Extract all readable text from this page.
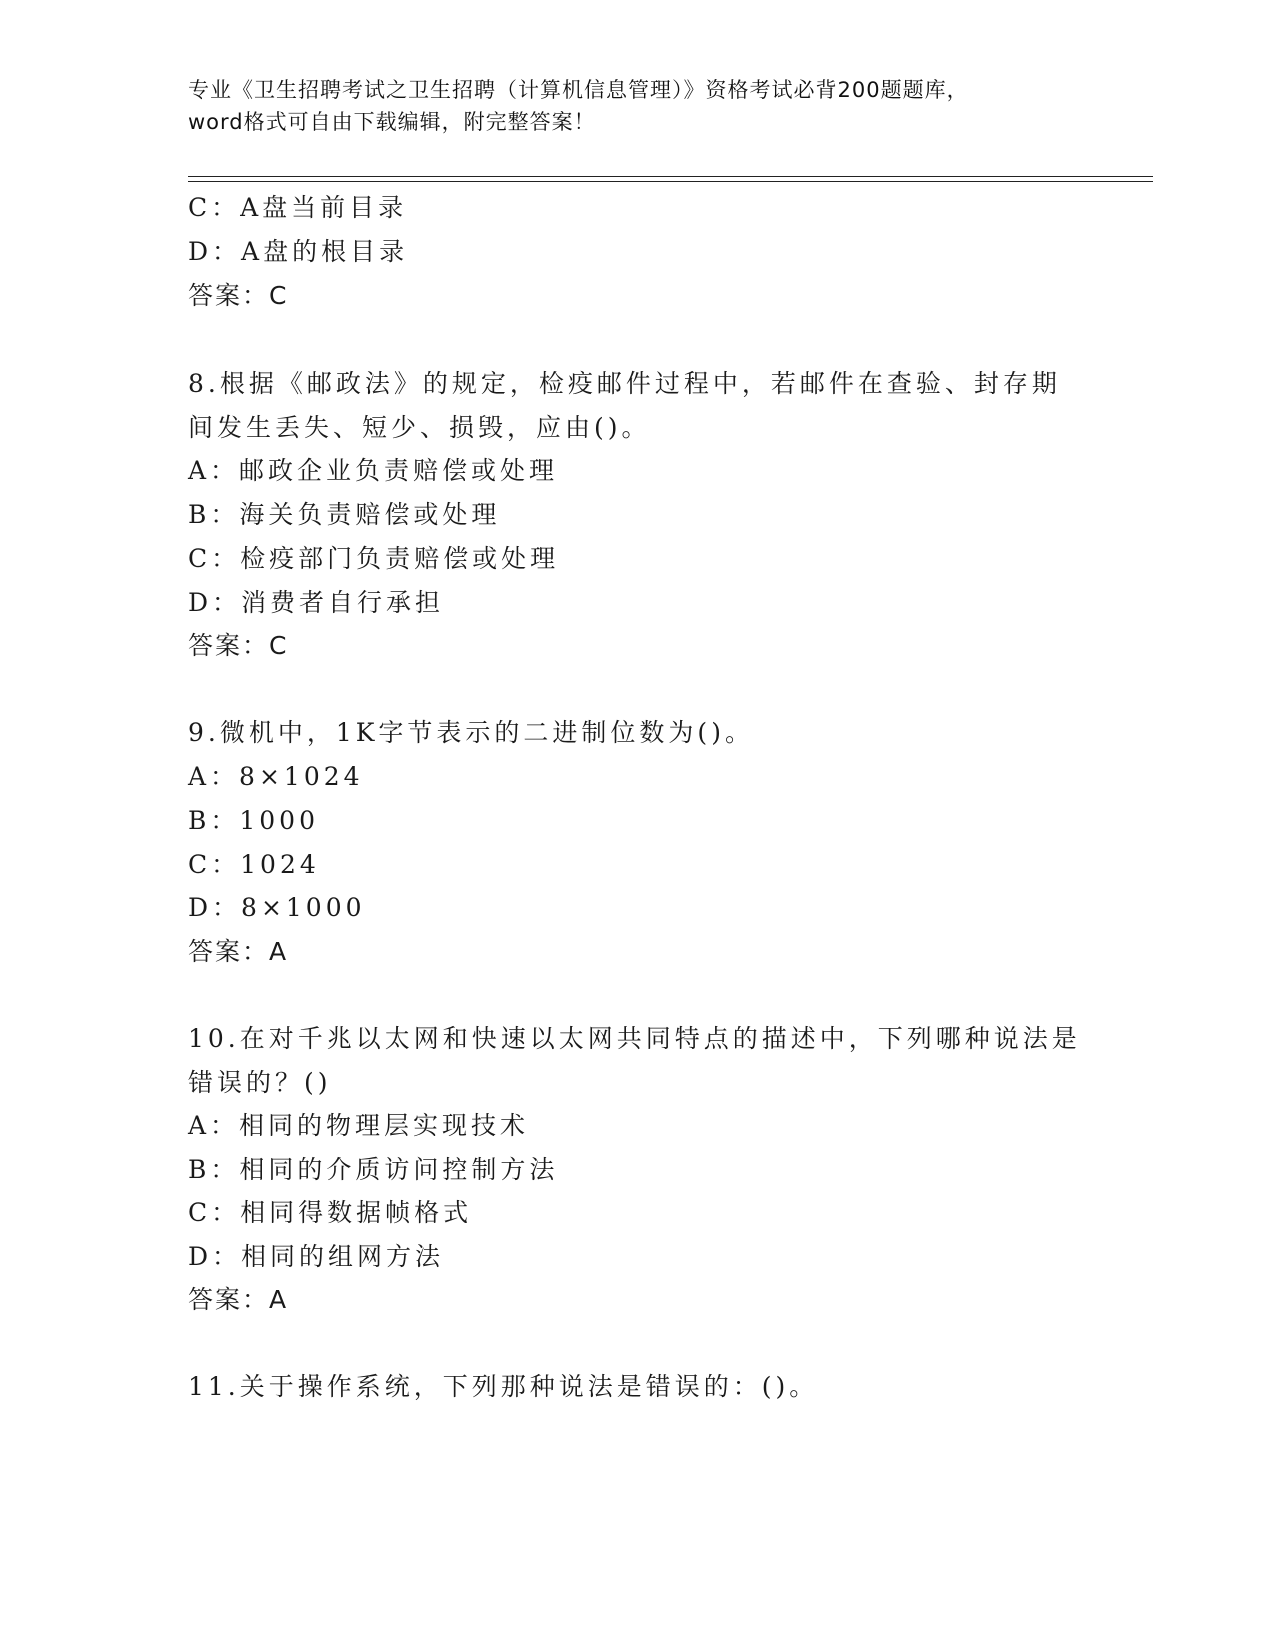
专业《卫生招聘考试之卫生招聘（计算机信息管理）》资格考试必背200题题库，
word格式可自由下载编辑，附完整答案！
C：A盘当前目录
D：A盘的根目录
答案：C
8.根据《邮政法》的规定，检疫邮件过程中，若邮件在查验、封存期
间发生丢失、短少、损毁，应由()。
A：邮政企业负责赔偿或处理
B：海关负责赔偿或处理
C：检疫部门负责赔偿或处理
D：消费者自行承担
答案：C
9.微机中，1K字节表示的二进制位数为()。
A：8×1024
B：1000
C：1024
D：8×1000
答案：A
10.在对千兆以太网和快速以太网共同特点的描述中，下列哪种说法是
错误的？()
A：相同的物理层实现技术
B：相同的介质访问控制方法
C：相同得数据帧格式
D：相同的组网方法
答案：A
11.关于操作系统，下列那种说法是错误的：()。
